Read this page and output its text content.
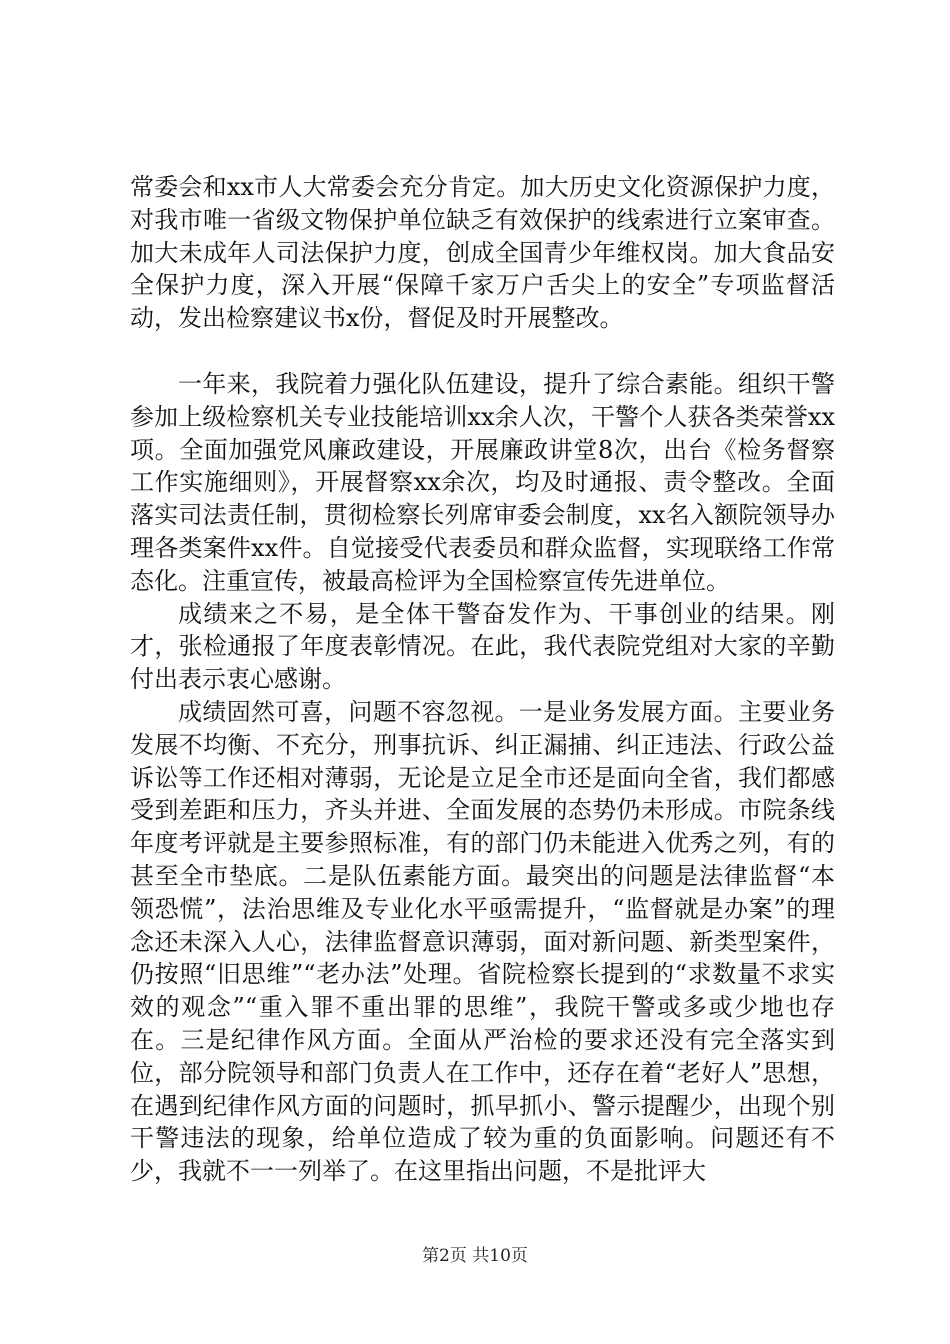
常委会和xx市人大常委会充分肯定。加大历史文化资源保护力度，对我市唯一省级文物保护单位缺乏有效保护的线索进行立案审查。加大未成年人司法保护力度，创成全国青少年维权岗。加大食品安全保护力度，深入开展“保障千家万户舌尖上的安全”专项监督活动，发出检察建议书x份，督促及时开展整改。

一年来，我院着力强化队伍建设，提升了综合素能。组织干警参加上级检察机关专业技能培训xx余人次，干警个人获各类荣誉xx项。全面加强党风廉政建设，开展廉政讲堂8次，出台《检务督察工作实施细则》，开展督察xx余次，均及时通报、责令整改。全面落实司法责任制，贯彻检察长列席审委会制度，xx名入额院领导办理各类案件xx件。自觉接受代表委员和群众监督，实现联络工作常态化。注重宣传，被最高检评为全国检察宣传先进单位。

成绩来之不易，是全体干警奋发作为、干事创业的结果。刚才，张检通报了年度表彰情况。在此，我代表院党组对大家的辛勤付出表示衷心感谢。

成绩固然可喜，问题不容忽视。一是业务发展方面。主要业务发展不均衡、不充分，刑事抗诉、纠正漏捕、纠正违法、行政公益诉讼等工作还相对薄弱，无论是立足全市还是面向全省，我们都感受到差距和压力，齐头并进、全面发展的态势仍未形成。市院条线年度考评就是主要参照标准，有的部门仍未能进入优秀之列，有的甚至全市垫底。二是队伍素能方面。最突出的问题是法律监督“本领恐慌”，法治思维及专业化水平亟需提升，“监督就是办案”的理念还未深入人心，法律监督意识薄弱，面对新问题、新类型案件，仍按照“旧思维”“老办法”处理。省院检察长提到的“求数量不求实效的观念”“重入罪不重出罪的思维”，我院干警或多或少地也存在。三是纪律作风方面。全面从严治检的要求还没有完全落实到位，部分院领导和部门负责人在工作中，还存在着“老好人”思想，在遇到纪律作风方面的问题时，抓早抓小、警示提醒少，出现个别干警违法的现象，给单位造成了较为重的负面影响。问题还有不少，我就不一一列举了。在这里指出问题，不是批评大

第2页 共10页
